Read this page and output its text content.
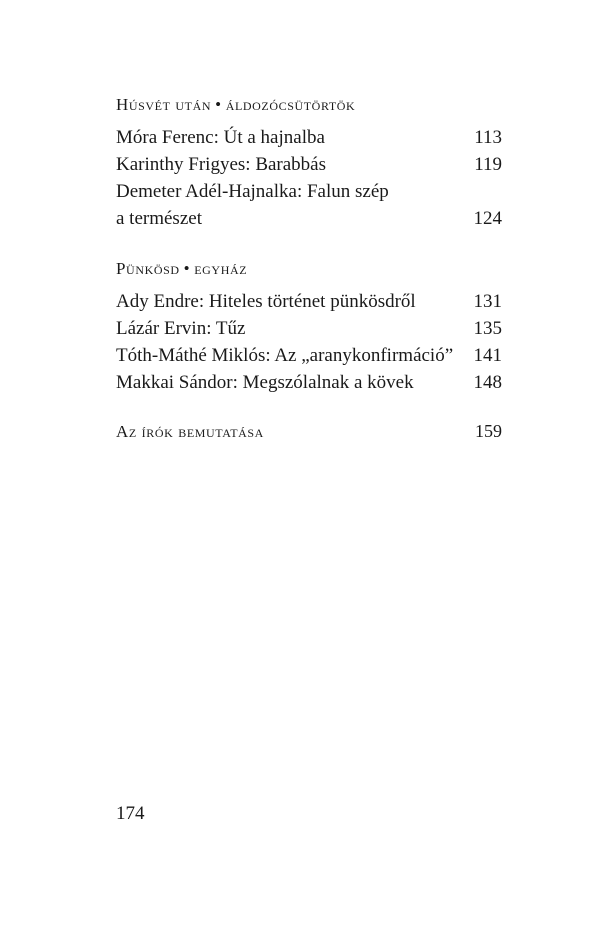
Húsvét után • áldozócsütörtök
Móra Ferenc: Út a hajnalba	113
Karinthy Frigyes: Barabbás	119
Demeter Adél-Hajnalka: Falun szép
a természet	124
Pünkösd • egyház
Ady Endre: Hiteles történet pünkösdről	131
Lázár Ervin: Tűz	135
Tóth-Máthé Miklós: Az „aranykonfirmáció”	141
Makkai Sándor: Megszólalnak a kövek	148
Az írók bemutatása	159
174
